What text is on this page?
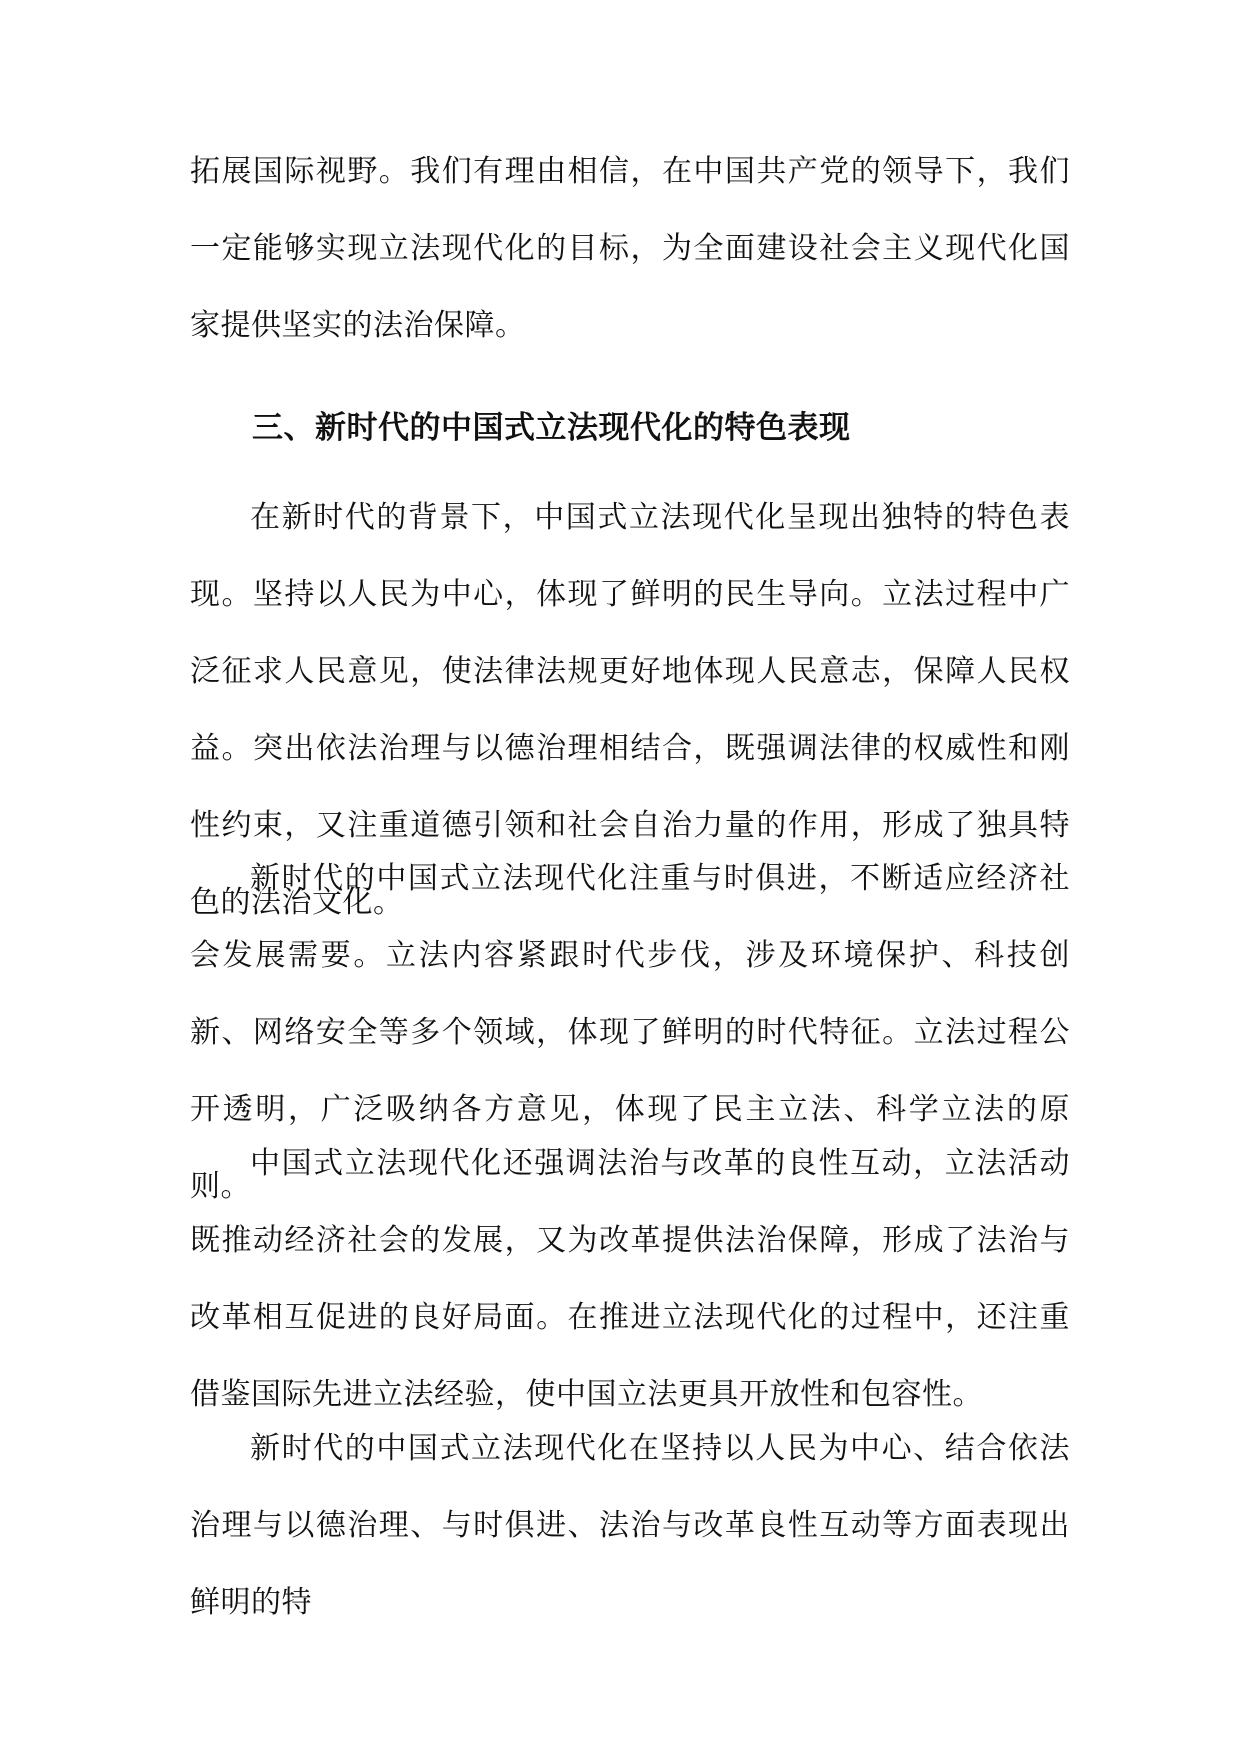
拓展国际视野。我们有理由相信，在中国共产党的领导下，我们一定能够实现立法现代化的目标，为全面建设社会主义现代化国家提供坚实的法治保障。

三、新时代的中国式立法现代化的特色表现

在新时代的背景下，中国式立法现代化呈现出独特的特色表现。坚持以人民为中心，体现了鲜明的民生导向。立法过程中广泛征求人民意见，使法律法规更好地体现人民意志，保障人民权益。突出依法治理与以德治理相结合，既强调法律的权威性和刚性约束，又注重道德引领和社会自治力量的作用，形成了独具特色的法治文化。

新时代的中国式立法现代化注重与时俱进，不断适应经济社会发展需要。立法内容紧跟时代步伐，涉及环境保护、科技创新、网络安全等多个领域，体现了鲜明的时代特征。立法过程公开透明，广泛吸纳各方意见，体现了民主立法、科学立法的原则。

中国式立法现代化还强调法治与改革的良性互动，立法活动既推动经济社会的发展，又为改革提供法治保障，形成了法治与改革相互促进的良好局面。在推进立法现代化的过程中，还注重借鉴国际先进立法经验，使中国立法更具开放性和包容性。

新时代的中国式立法现代化在坚持以人民为中心、结合依法治理与以德治理、与时俱进、法治与改革良性互动等方面表现出鲜明的特
